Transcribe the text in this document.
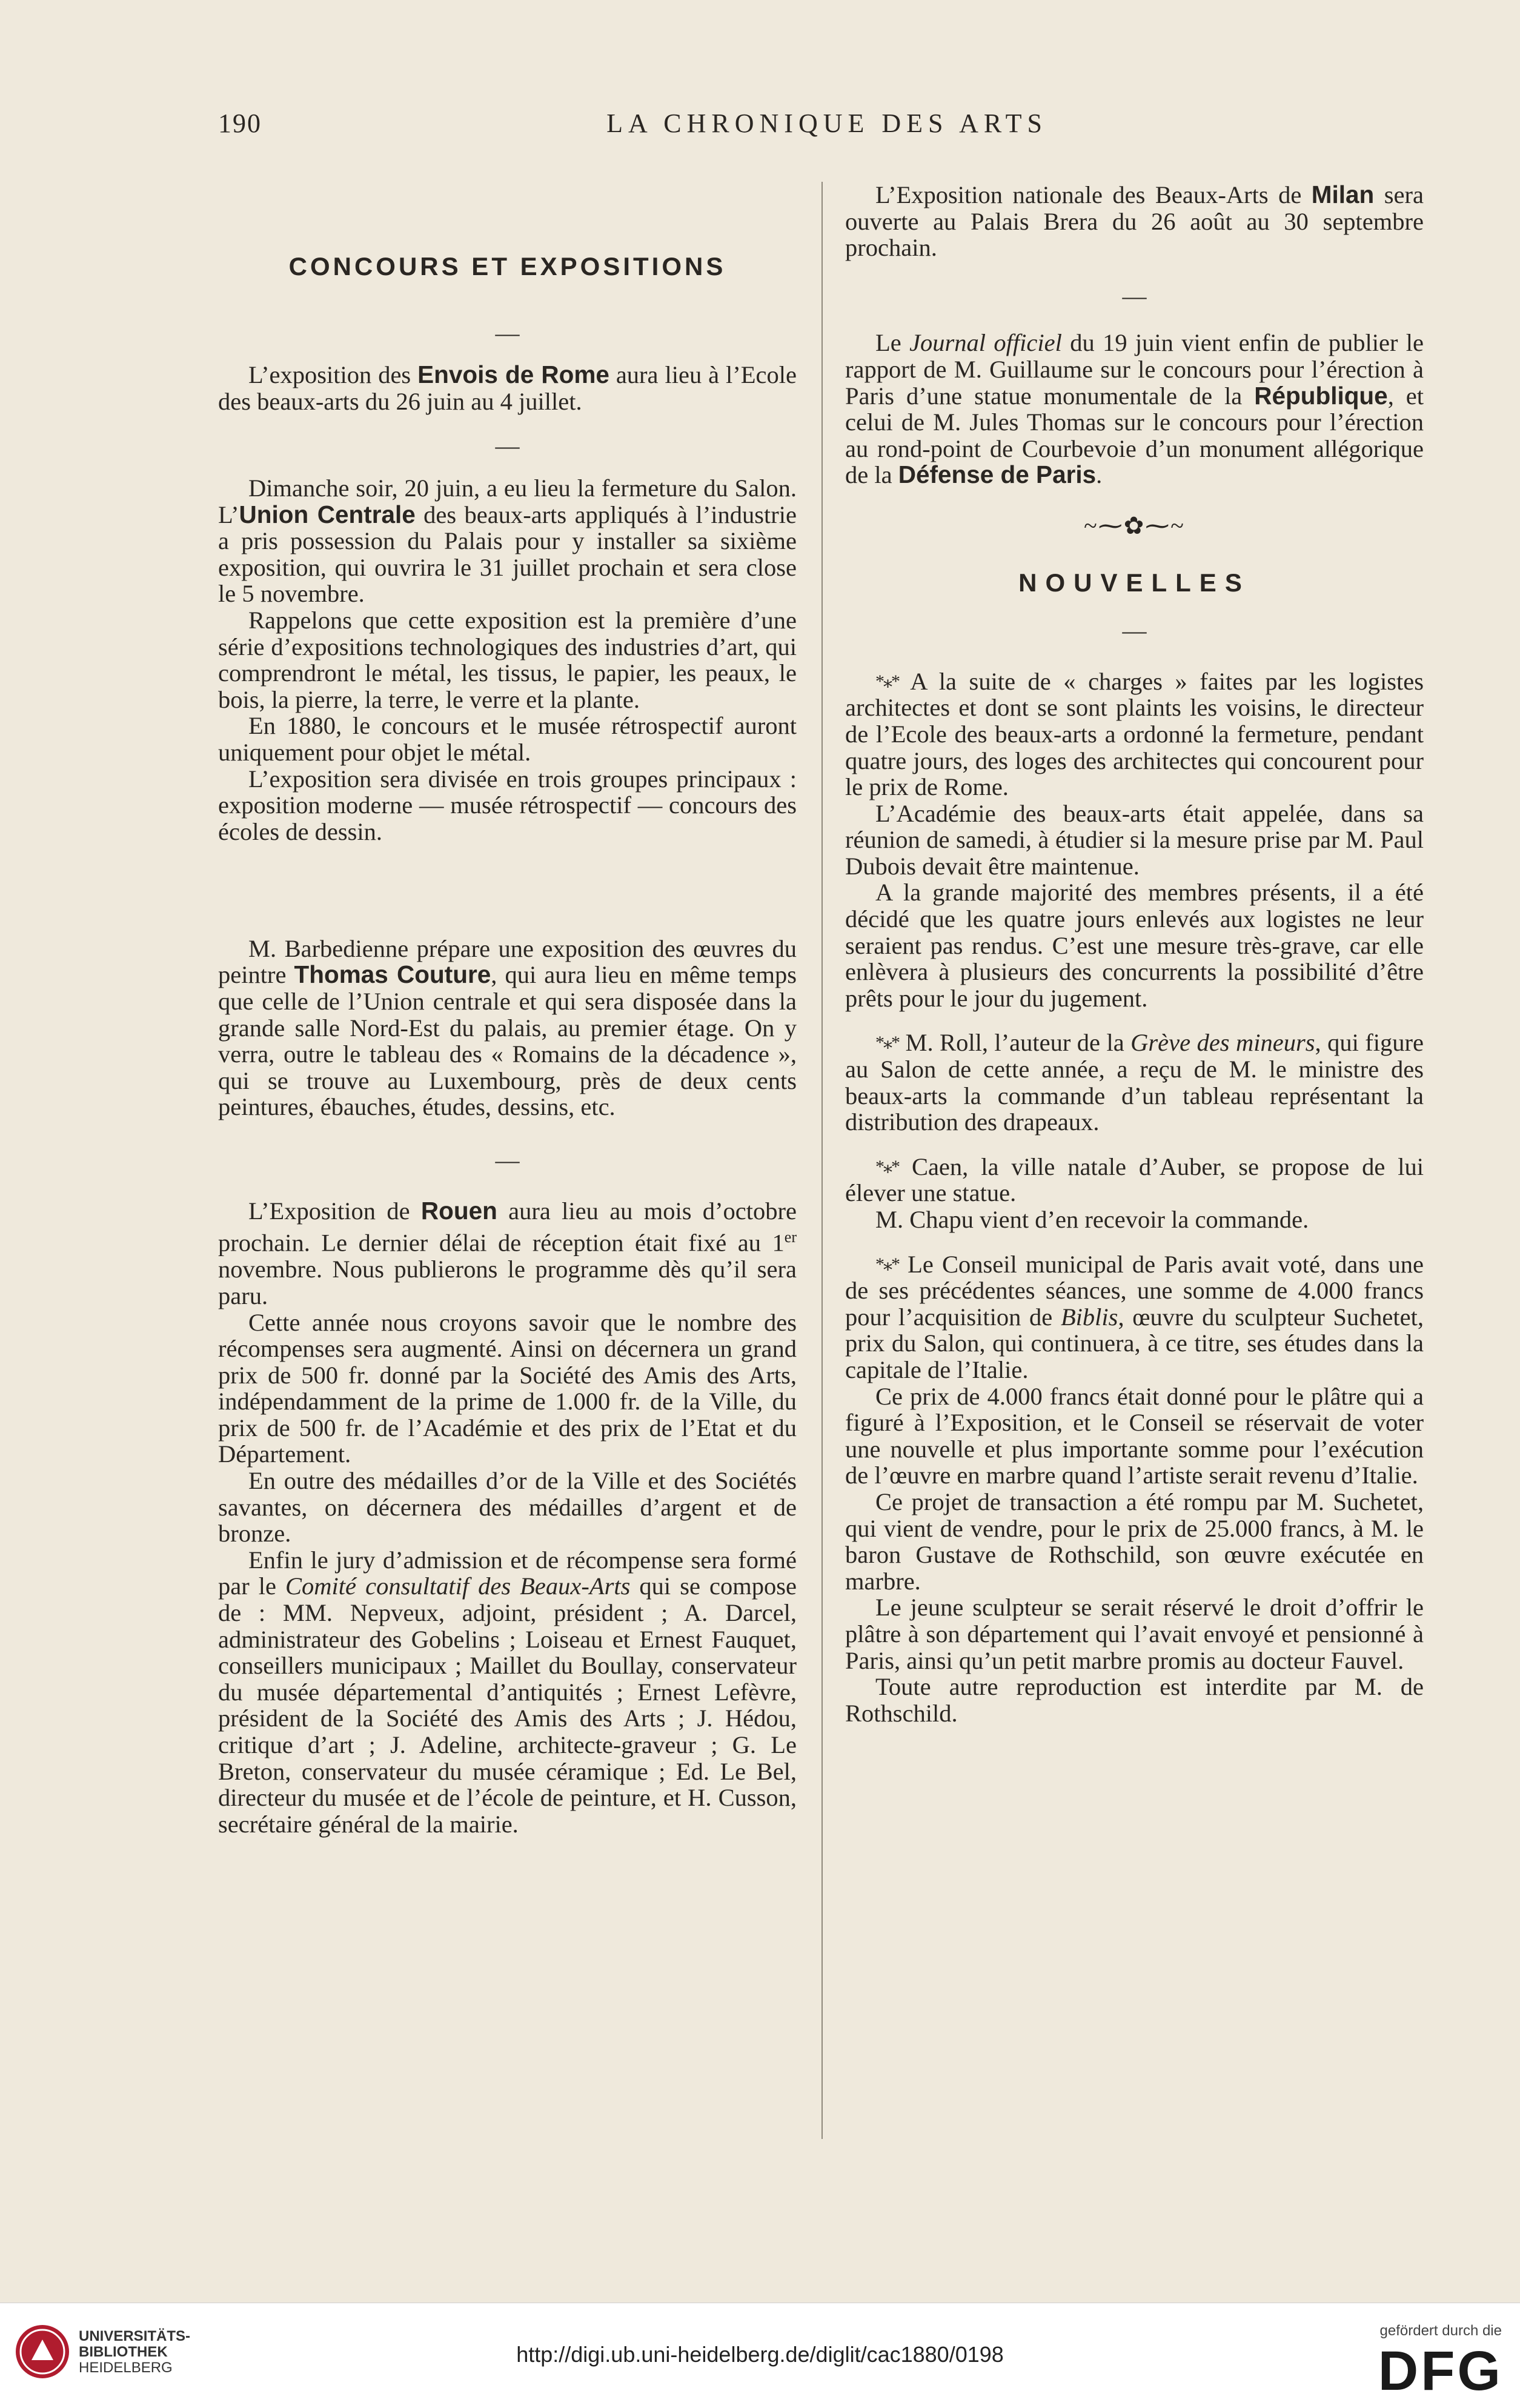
190	LA CHRONIQUE DES ARTS
CONCOURS ET EXPOSITIONS
—

L’exposition des Envois de Rome aura lieu à l’Ecole des beaux-arts du 26 juin au 4 juillet.

—

Dimanche soir, 20 juin, a eu lieu la fermeture du Salon. L’Union Centrale des beaux-arts appliqués à l’industrie a pris possession du Palais pour y installer sa sixième exposition, qui ouvrira le 31 juillet prochain et sera close le 5 novembre.

Rappelons que cette exposition est la première d’une série d’expositions technologiques des industries d’art, qui comprendront le métal, les tissus, le papier, les peaux, le bois, la pierre, la terre, le verre et la plante.

En 1880, le concours et le musée rétrospectif auront uniquement pour objet le métal.

L’exposition sera divisée en trois groupes principaux : exposition moderne — musée rétrospectif — concours des écoles de dessin.

M. Barbedienne prépare une exposition des œuvres du peintre Thomas Couture, qui aura lieu en même temps que celle de l’Union centrale et qui sera disposée dans la grande salle Nord-Est du palais, au premier étage. On y verra, outre le tableau des « Romains de la décadence », qui se trouve au Luxembourg, près de deux cents peintures, ébauches, études, dessins, etc.

—

L’Exposition de Rouen aura lieu au mois d’octobre prochain. Le dernier délai de réception était fixé au 1er novembre. Nous publierons le programme dès qu’il sera paru.

Cette année nous croyons savoir que le nombre des récompenses sera augmenté. Ainsi on décernera un grand prix de 500 fr. donné par la Société des Amis des Arts, indépendamment de la prime de 1.000 fr. de la Ville, du prix de 500 fr. de l’Académie et des prix de l’Etat et du Département.

En outre des médailles d’or de la Ville et des Sociétés savantes, on décernera des médailles d’argent et de bronze.

Enfin le jury d’admission et de récompense sera formé par le Comité consultatif des Beaux-Arts qui se compose de : MM. Nepveux, adjoint, président ; A. Darcel, administrateur des Gobelins ; Loiseau et Ernest Fauquet, conseillers municipaux ; Maillet du Boullay, conservateur du musée départemental d’antiquités ; Ernest Lefèvre, président de la Société des Amis des Arts ; J. Hédou, critique d’art ; J. Adeline, architecte-graveur ; G. Le Breton, conservateur du musée céramique ; Ed. Le Bel, directeur du musée et de l’école de peinture, et H. Cusson, secrétaire général de la mairie.

L’Exposition nationale des Beaux-Arts de Milan sera ouverte au Palais Brera du 26 août au 30 septembre prochain.

—

Le Journal officiel du 19 juin vient enfin de publier le rapport de M. Guillaume sur le concours pour l’érection à Paris d’une statue monumentale de la République, et celui de M. Jules Thomas sur le concours pour l’érection au rond-point de Courbevoie d’un monument allégorique de la Défense de Paris.

~⁓✿⁓~
NOUVELLES
—

*⁎* A la suite de « charges » faites par les logistes architectes et dont se sont plaints les voisins, le directeur de l’Ecole des beaux-arts a ordonné la fermeture, pendant quatre jours, des loges des architectes qui concourent pour le prix de Rome.

L’Académie des beaux-arts était appelée, dans sa réunion de samedi, à étudier si la mesure prise par M. Paul Dubois devait être maintenue.

A la grande majorité des membres présents, il a été décidé que les quatre jours enlevés aux logistes ne leur seraient pas rendus. C’est une mesure très-grave, car elle enlèvera à plusieurs des concurrents la possibilité d’être prêts pour le jour du jugement.

*⁎* M. Roll, l’auteur de la Grève des mineurs, qui figure au Salon de cette année, a reçu de M. le ministre des beaux-arts la commande d’un tableau représentant la distribution des drapeaux.

*⁎* Caen, la ville natale d’Auber, se propose de lui élever une statue.

M. Chapu vient d’en recevoir la commande.

*⁎* Le Conseil municipal de Paris avait voté, dans une de ses précédentes séances, une somme de 4.000 francs pour l’acquisition de Biblis, œuvre du sculpteur Suchetet, prix du Salon, qui continuera, à ce titre, ses études dans la capitale de l’Italie.

Ce prix de 4.000 francs était donné pour le plâtre qui a figuré à l’Exposition, et le Conseil se réservait de voter une nouvelle et plus importante somme pour l’exécution de l’œuvre en marbre quand l’artiste serait revenu d’Italie.

Ce projet de transaction a été rompu par M. Suchetet, qui vient de vendre, pour le prix de 25.000 francs, à M. le baron Gustave de Rothschild, son œuvre exécutée en marbre.

Le jeune sculpteur se serait réservé le droit d’offrir le plâtre à son département qui l’avait envoyé et pensionné à Paris, ainsi qu’un petit marbre promis au docteur Fauvel.

Toute autre reproduction est interdite par M. de Rothschild.

UNIVERSITÄTS-
BIBLIOTHEK
HEIDELBERG
http://digi.ub.uni-heidelberg.de/diglit/cac1880/0198
gefördert durch die
DFG
